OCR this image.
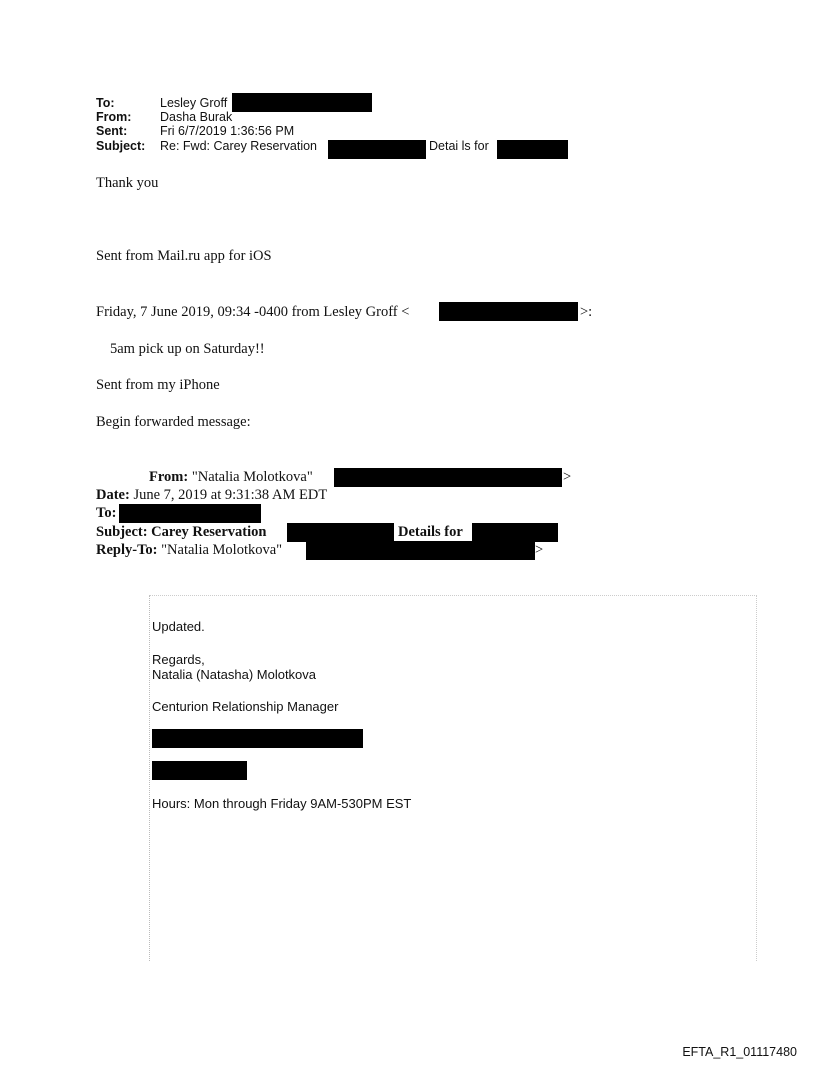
To:	Lesley Groff
From: Dasha Burak
Sent:	Fri 6/7/2019 1:36:56 PM
Subject: Re: Fwd: Carey Reservation	Detai ls for
Thank you
Sent from Mail.ru app for iOS
Friday, 7 June 2019, 09:34 -0400 from Lesley Groff <	>:
5am pick up on Saturday!!
Sent from my iPhone
Begin forwarded message:
From: "Natalia Molotkova"	>
Date: June 7, 2019 at 9:31:38 AM EDT
To:
Subject: Carey Reservation	Details for
Reply-To: "Natalia Molotkova"	>
Updated.
Regards,
Natalia (Natasha) Molotkova
Centurion Relationship Manager
Hours: Mon through Friday 9AM-530PM EST
EFTA_R1_01117480
